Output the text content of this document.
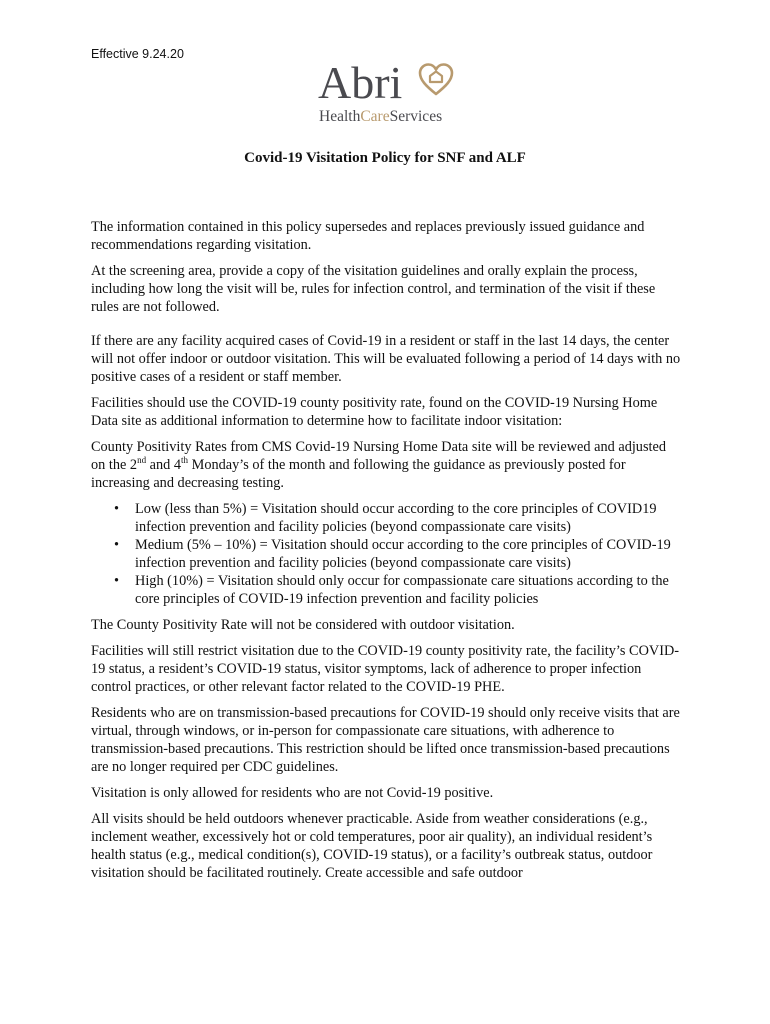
Effective 9.24.20
Abri
HealthCareServices
Covid-19 Visitation Policy for SNF and ALF

The information contained in this policy supersedes and replaces previously issued guidance and recommendations regarding visitation.

At the screening area, provide a copy of the visitation guidelines and orally explain the process, including how long the visit will be, rules for infection control, and termination of the visit if these rules are not followed.

If there are any facility acquired cases of Covid-19 in a resident or staff in the last 14 days, the center will not offer indoor or outdoor visitation. This will be evaluated following a period of 14 days with no positive cases of a resident or staff member.

Facilities should use the COVID-19 county positivity rate, found on the COVID-19 Nursing Home Data site as additional information to determine how to facilitate indoor visitation:

County Positivity Rates from CMS Covid-19 Nursing Home Data site will be reviewed and adjusted on the 2nd and 4th Monday’s of the month and following the guidance as previously posted for increasing and decreasing testing.

• Low (less than 5%) = Visitation should occur according to the core principles of COVID19 infection prevention and facility policies (beyond compassionate care visits)
• Medium (5% – 10%) = Visitation should occur according to the core principles of COVID-19 infection prevention and facility policies (beyond compassionate care visits)
• High (10%) = Visitation should only occur for compassionate care situations according to the core principles of COVID-19 infection prevention and facility policies

The County Positivity Rate will not be considered with outdoor visitation.

Facilities will still restrict visitation due to the COVID-19 county positivity rate, the facility’s COVID-19 status, a resident’s COVID-19 status, visitor symptoms, lack of adherence to proper infection control practices, or other relevant factor related to the COVID-19 PHE.

Residents who are on transmission-based precautions for COVID-19 should only receive visits that are virtual, through windows, or in-person for compassionate care situations, with adherence to transmission-based precautions. This restriction should be lifted once transmission-based precautions are no longer required per CDC guidelines.

Visitation is only allowed for residents who are not Covid-19 positive.

All visits should be held outdoors whenever practicable. Aside from weather considerations (e.g., inclement weather, excessively hot or cold temperatures, poor air quality), an individual resident’s health status (e.g., medical condition(s), COVID-19 status), or a facility’s outbreak status, outdoor visitation should be facilitated routinely. Create accessible and safe outdoor
